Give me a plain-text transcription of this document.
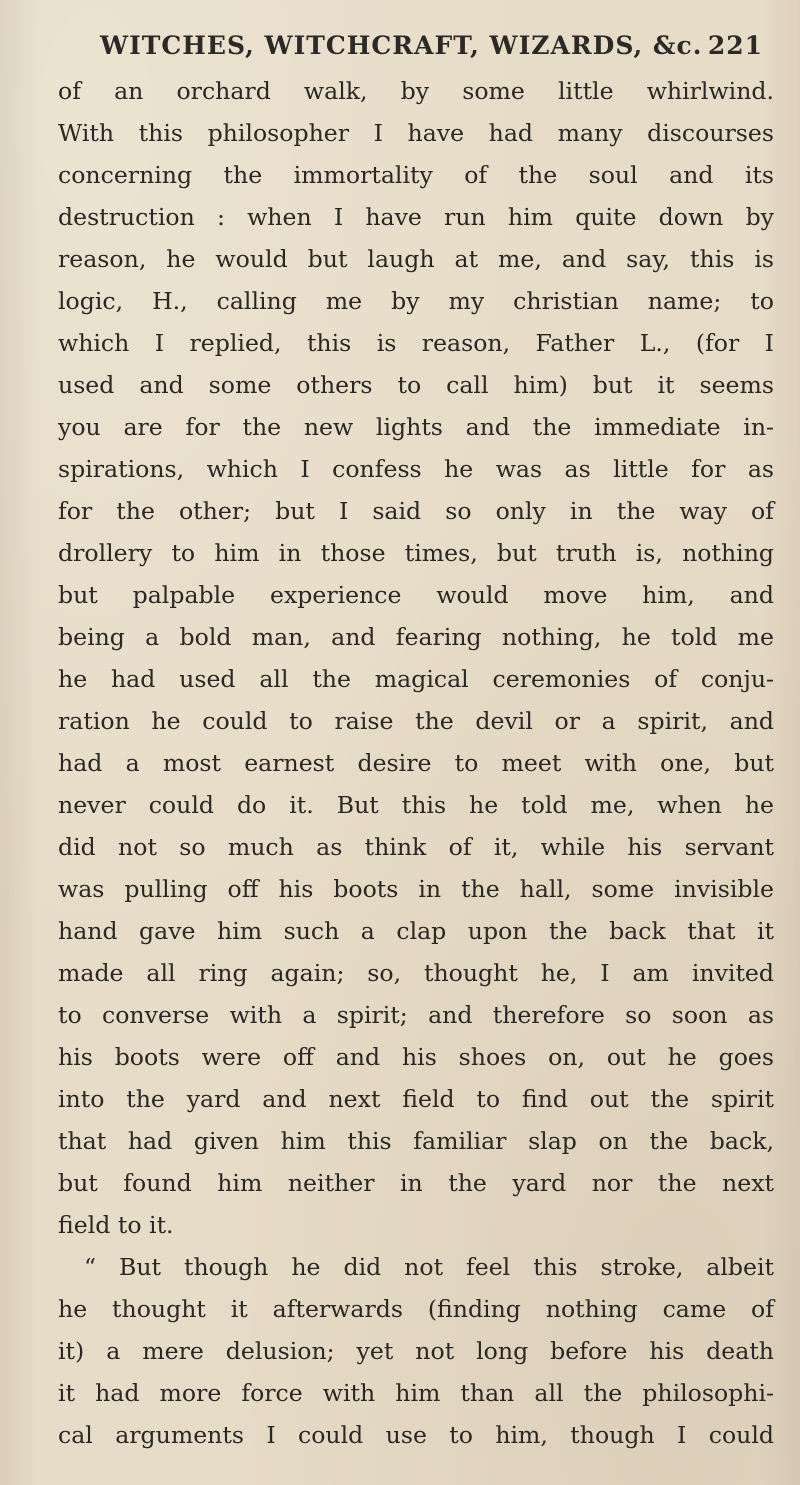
WITCHES, WITCHCRAFT, WIZARDS, &c. 221
of an orchard walk, by some little whirlwind.
With this philosopher I have had many discourses
concerning the immortality of the soul and its
destruction : when I have run him quite down by
reason, he would but laugh at me, and say, this is
logic, H., calling me by my christian name; to
which I replied, this is reason, Father L., (for I
used and some others to call him) but it seems
you are for the new lights and the immediate in-
spirations, which I confess he was as little for as
for the other; but I said so only in the way of
drollery to him in those times, but truth is, nothing
but palpable experience would move him, and
being a bold man, and fearing nothing, he told me
he had used all the magical ceremonies of conju-
ration he could to raise the devil or a spirit, and
had a most earnest desire to meet with one, but
never could do it. But this he told me, when he
did not so much as think of it, while his servant
was pulling off his boots in the hall, some invisible
hand gave him such a clap upon the back that it
made all ring again; so, thought he, I am invited
to converse with a spirit; and therefore so soon as
his boots were off and his shoes on, out he goes
into the yard and next field to find out the spirit
that had given him this familiar slap on the back,
but found him neither in the yard nor the next
field to it.
“ But though he did not feel this stroke, albeit
he thought it afterwards (finding nothing came of
it) a mere delusion; yet not long before his death
it had more force with him than all the philosophi-
cal arguments I could use to him, though I could
